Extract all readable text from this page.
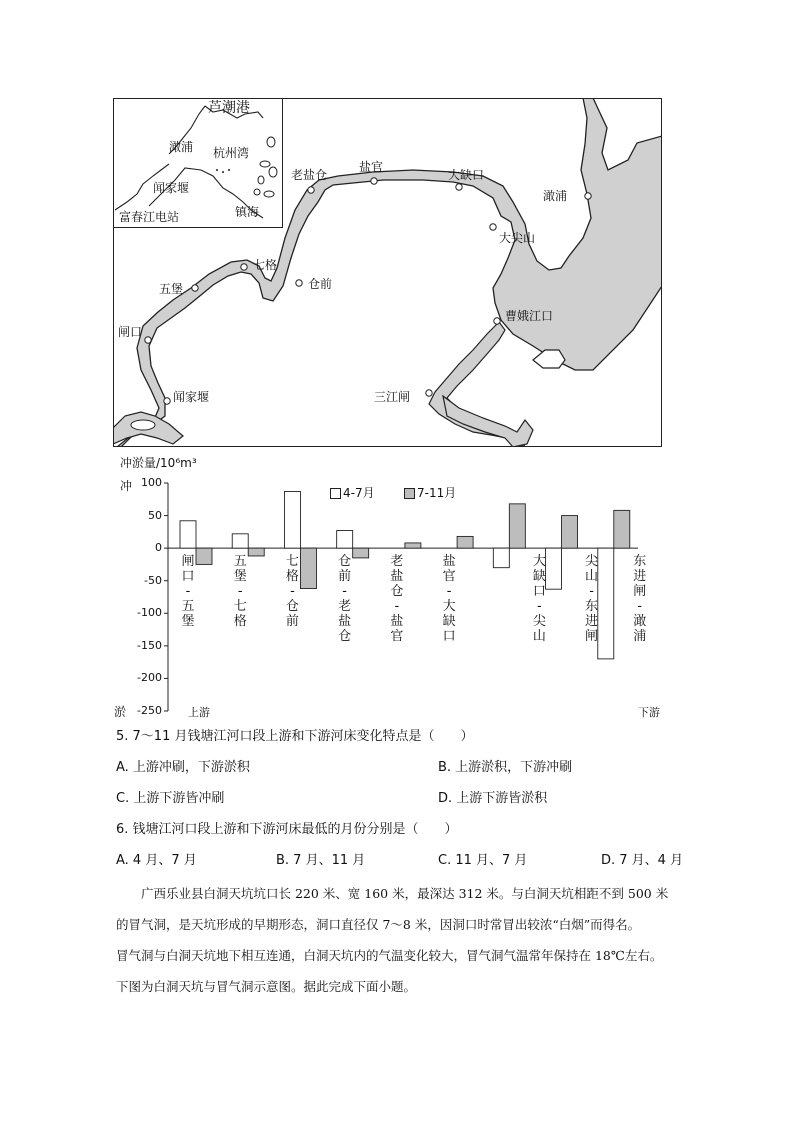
芦潮港
澉浦 杭州湾
闻家堰
镇海
富春江电站
老盐仓
盐官
大缺口
澉浦
大尖山
七格
五堡	仓前
闸口
曹娥江口
闻家堰	三江闸
冲淤量/10⁶m³
冲
淤
100
50
0
-50
-100
-150
-200
-250
4-7月	7-11月
上游	下游
闸
口
-
五
堡
五
堡
-
七
格
七
格
-
仓
前
仓
前
-
老
盐
仓
老
盐
仓
-
盐
官
盐
官
-
大
缺
口
大
缺
口
-
尖
山
尖
山
-
东
进
闸
东
进
闸
-
澉
浦
5. 7～11 月钱塘江河口段上游和下游河床变化特点是（　　）
A. 上游冲刷，下游淤积	B. 上游淤积，下游冲刷
C. 上游下游皆冲刷	D. 上游下游皆淤积
6. 钱塘江河口段上游和下游河床最低的月份分别是（　　）
A. 4 月、7 月	B. 7 月、11 月	C. 11 月、7 月	D. 7 月、4 月

广西乐业县白洞天坑坑口长 220 米、宽 160 米，最深达 312 米。与白洞天坑相距不到 500 米

的冒气洞，是天坑形成的早期形态，洞口直径仅 7～8 米，因洞口时常冒出较浓“白烟”而得名。

冒气洞与白洞天坑地下相互连通，白洞天坑内的气温变化较大，冒气洞气温常年保持在 18℃左右。

下图为白洞天坑与冒气洞示意图。据此完成下面小题。
